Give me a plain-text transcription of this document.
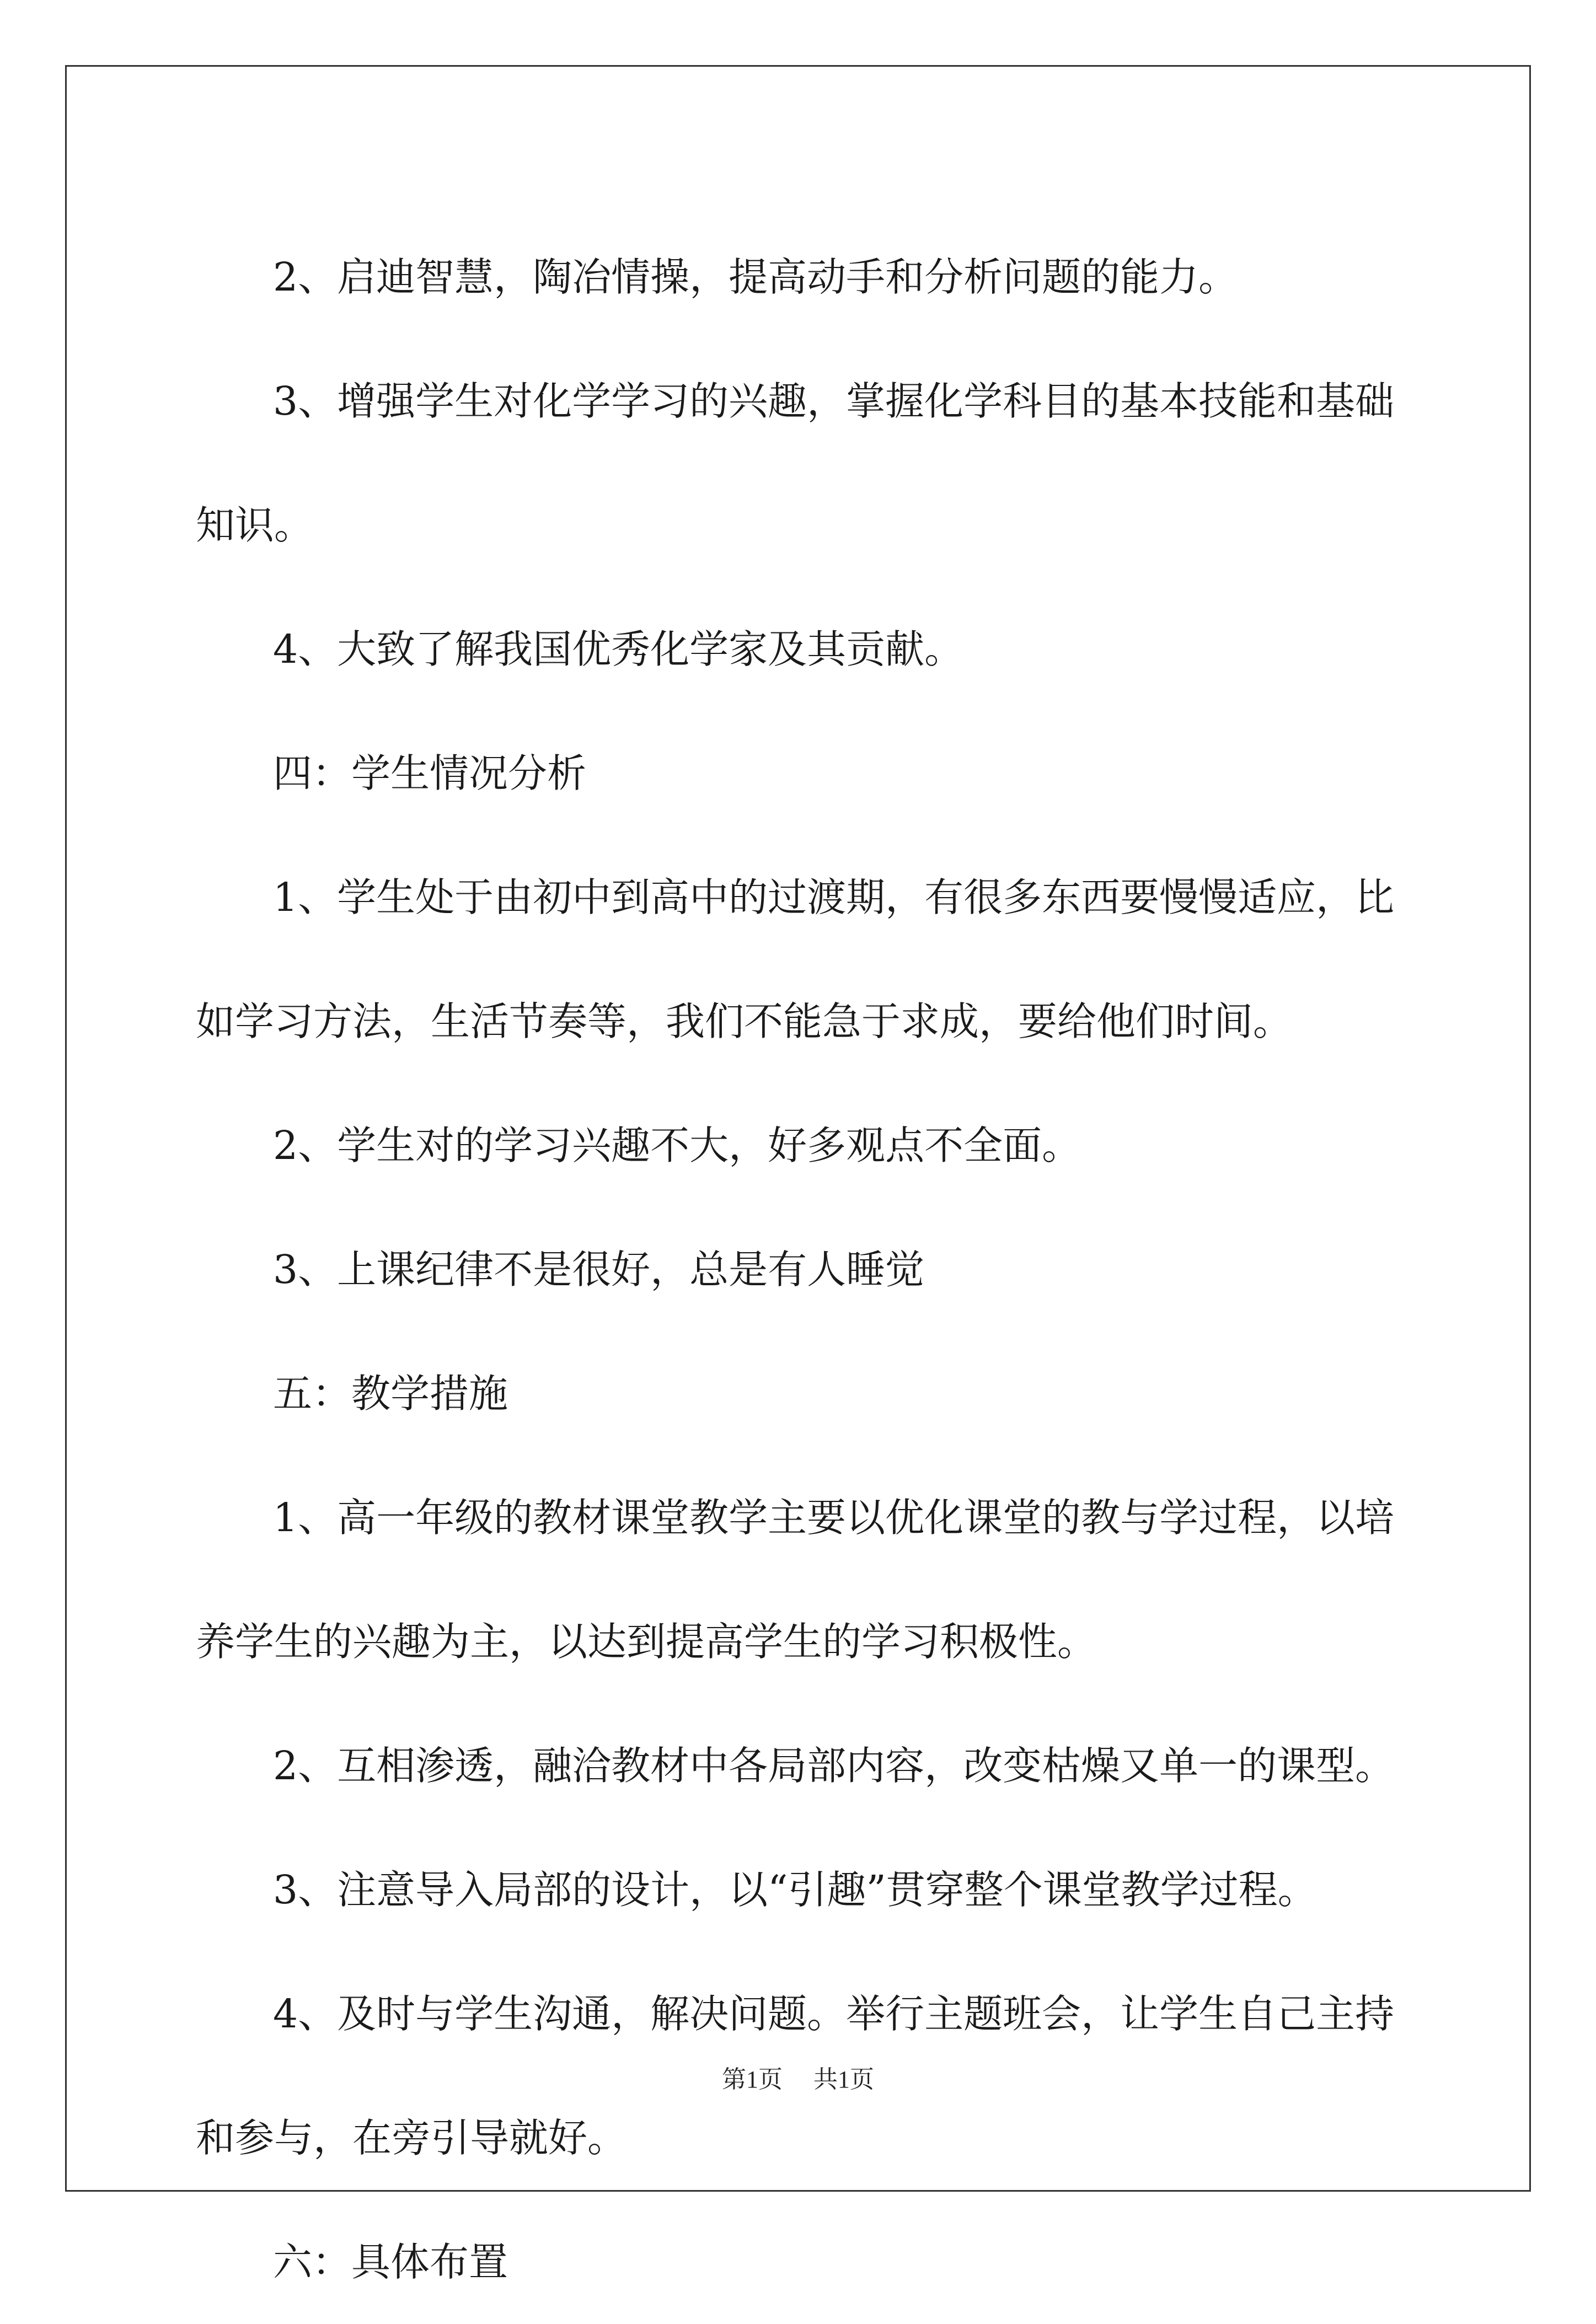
2、启迪智慧，陶冶情操，提高动手和分析问题的能力。

3、增强学生对化学学习的兴趣，掌握化学科目的基本技能和基础

知识。

4、大致了解我国优秀化学家及其贡献。

四：学生情况分析

1、学生处于由初中到高中的过渡期，有很多东西要慢慢适应，比

如学习方法，生活节奏等，我们不能急于求成，要给他们时间。

2、学生对的学习兴趣不大，好多观点不全面。

3、上课纪律不是很好，总是有人睡觉

五：教学措施

1、高一年级的教材课堂教学主要以优化课堂的教与学过程，以培

养学生的兴趣为主，以达到提高学生的学习积极性。

2、互相渗透，融洽教材中各局部内容，改变枯燥又单一的课型。

3、注意导入局部的设计，以“引趣”贯穿整个课堂教学过程。

4、及时与学生沟通，解决问题。举行主题班会，让学生自己主持

和参与，在旁引导就好。

六：具体布置

第1页 共1页
